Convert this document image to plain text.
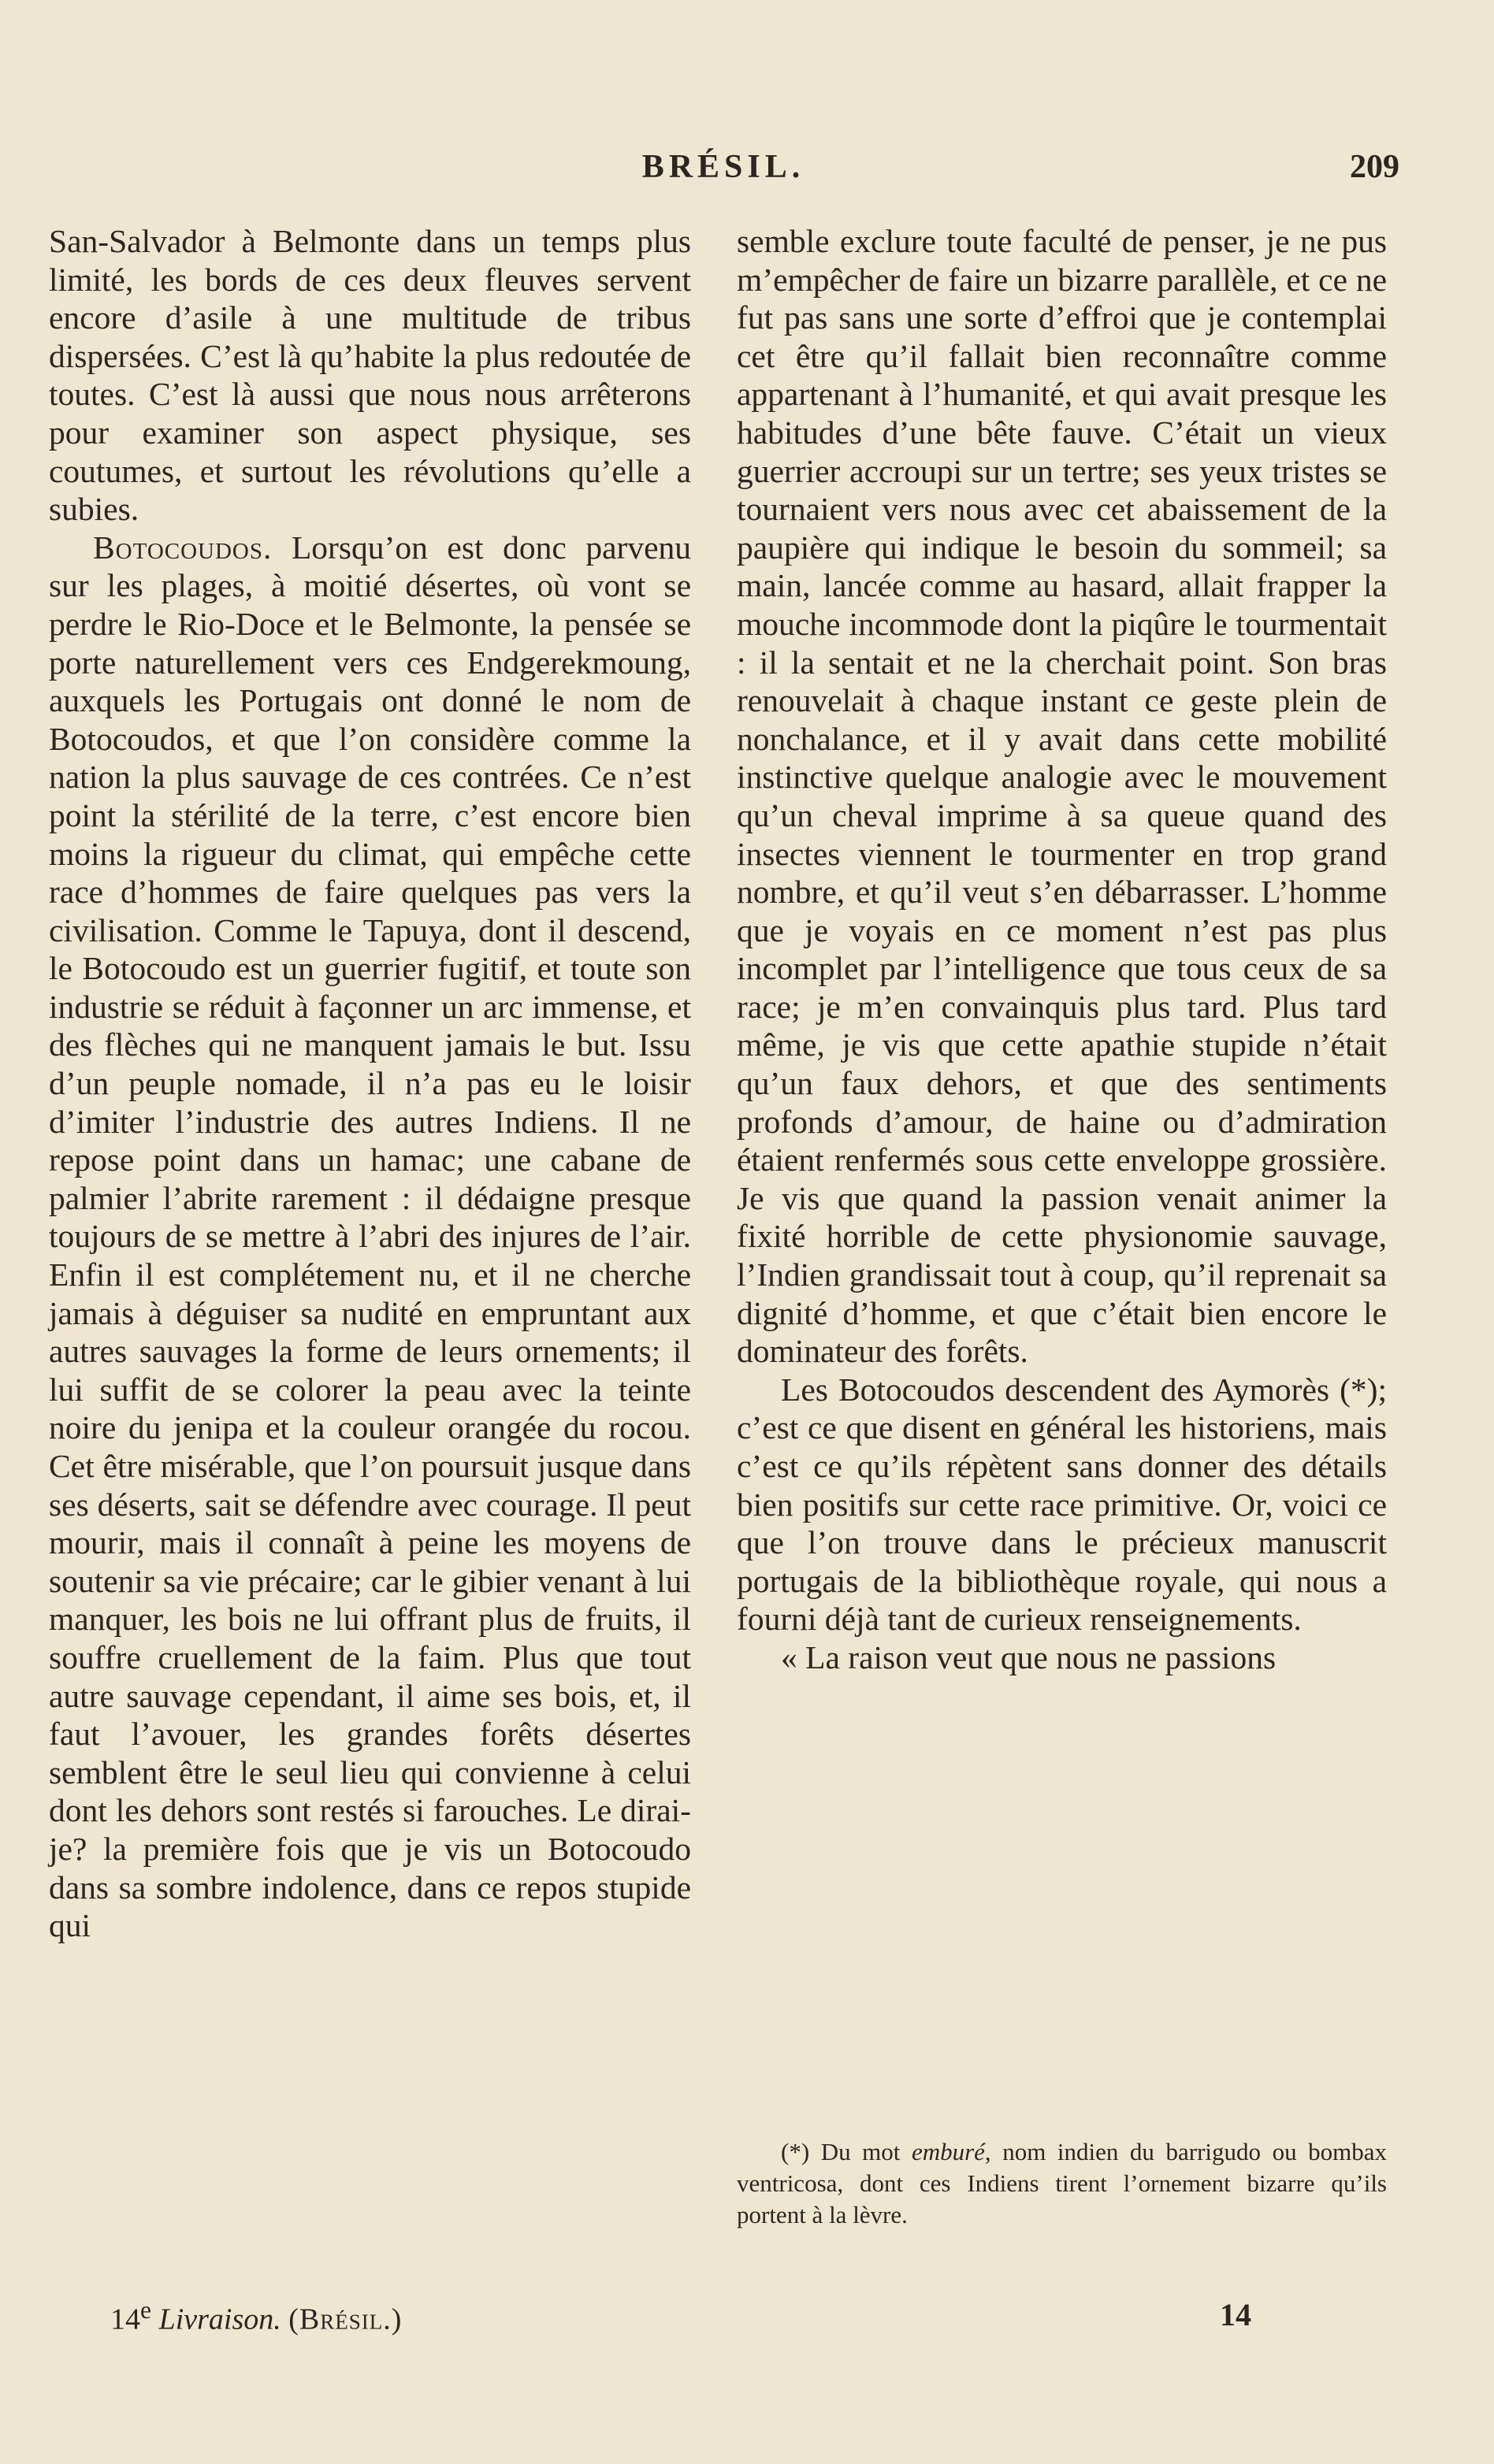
BRÉSIL.	209

San-Salvador à Belmonte dans un temps plus limité, les bords de ces deux fleuves servent encore d’asile à une multitude de tribus dispersées. C’est là qu’habite la plus redoutée de toutes. C’est là aussi que nous nous arrêterons pour examiner son aspect physique, ses coutumes, et surtout les révolutions qu’elle a subies.

Botocoudos. Lorsqu’on est donc parvenu sur les plages, à moitié désertes, où vont se perdre le Rio-Doce et le Belmonte, la pensée se porte naturellement vers ces Endgerekmoung, auxquels les Portugais ont donné le nom de Botocoudos, et que l’on considère comme la nation la plus sauvage de ces contrées. Ce n’est point la stérilité de la terre, c’est encore bien moins la rigueur du climat, qui empêche cette race d’hommes de faire quelques pas vers la civilisation. Comme le Tapuya, dont il descend, le Botocoudo est un guerrier fugitif, et toute son industrie se réduit à façonner un arc immense, et des flèches qui ne manquent jamais le but. Issu d’un peuple nomade, il n’a pas eu le loisir d’imiter l’industrie des autres Indiens. Il ne repose point dans un hamac; une cabane de palmier l’abrite rarement : il dédaigne presque toujours de se mettre à l’abri des injures de l’air. Enfin il est complétement nu, et il ne cherche jamais à déguiser sa nudité en empruntant aux autres sauvages la forme de leurs ornements; il lui suffit de se colorer la peau avec la teinte noire du jenipa et la couleur orangée du rocou. Cet être misérable, que l’on poursuit jusque dans ses déserts, sait se défendre avec courage. Il peut mourir, mais il connaît à peine les moyens de soutenir sa vie précaire; car le gibier venant à lui manquer, les bois ne lui offrant plus de fruits, il souffre cruellement de la faim. Plus que tout autre sauvage cependant, il aime ses bois, et, il faut l’avouer, les grandes forêts désertes semblent être le seul lieu qui convienne à celui dont les dehors sont restés si farouches. Le dirai-je? la première fois que je vis un Botocoudo dans sa sombre indolence, dans ce repos stupide qui

semble exclure toute faculté de penser, je ne pus m’empêcher de faire un bizarre parallèle, et ce ne fut pas sans une sorte d’effroi que je contemplai cet être qu’il fallait bien reconnaître comme appartenant à l’humanité, et qui avait presque les habitudes d’une bête fauve. C’était un vieux guerrier accroupi sur un tertre; ses yeux tristes se tournaient vers nous avec cet abaissement de la paupière qui indique le besoin du sommeil; sa main, lancée comme au hasard, allait frapper la mouche incommode dont la piqûre le tourmentait : il la sentait et ne la cherchait point. Son bras renouvelait à chaque instant ce geste plein de nonchalance, et il y avait dans cette mobilité instinctive quelque analogie avec le mouvement qu’un cheval imprime à sa queue quand des insectes viennent le tourmenter en trop grand nombre, et qu’il veut s’en débarrasser. L’homme que je voyais en ce moment n’est pas plus incomplet par l’intelligence que tous ceux de sa race; je m’en convainquis plus tard. Plus tard même, je vis que cette apathie stupide n’était qu’un faux dehors, et que des sentiments profonds d’amour, de haine ou d’admiration étaient renfermés sous cette enveloppe grossière. Je vis que quand la passion venait animer la fixité horrible de cette physionomie sauvage, l’Indien grandissait tout à coup, qu’il reprenait sa dignité d’homme, et que c’était bien encore le dominateur des forêts.

Les Botocoudos descendent des Aymorès (*); c’est ce que disent en général les historiens, mais c’est ce qu’ils répètent sans donner des détails bien positifs sur cette race primitive. Or, voici ce que l’on trouve dans le précieux manuscrit portugais de la bibliothèque royale, qui nous a fourni déjà tant de curieux renseignements.

« La raison veut que nous ne passions

(*) Du mot emburé, nom indien du barrigudo ou bombax ventricosa, dont ces Indiens tirent l’ornement bizarre qu’ils portent à la lèvre.

14e Livraison. (Brésil.)	14
